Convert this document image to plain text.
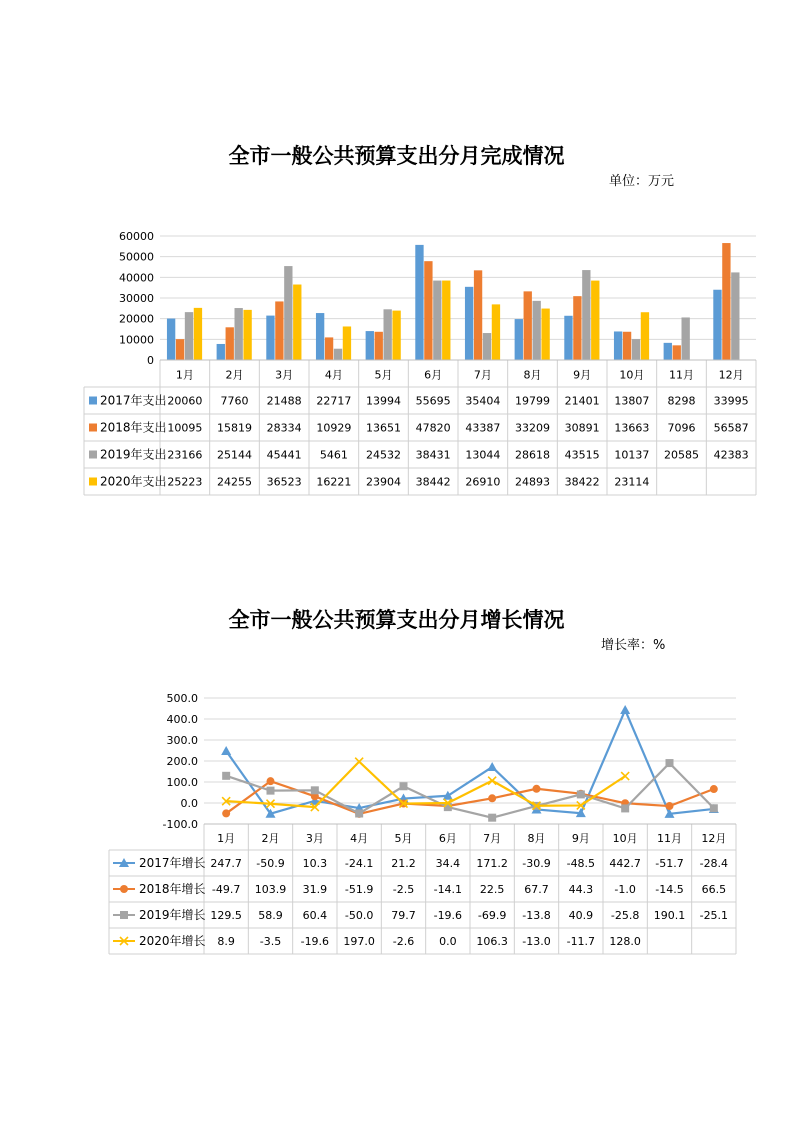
全市一般公共预算支出分月完成情况
单位：万元
全市一般公共预算支出分月增长情况
增长率：%
0
10000
20000
30000
40000
50000
60000
1月	2月	3月	4月	5月	6月	7月	8月	9月	10月 11月 12月
2017年支出 20060 7760 21488 22717 13994 55695 35404 19799 21401 13807 8298 33995
2018年支出 10095 15819 28334 10929 13651 47820 43387 33209 30891 13663 7096 56587
2019年支出 23166 25144 45441 5461 24532 38431 13044 28618 43515 10137 20585 42383
2020年支出 25223 24255 36523 16221 23904 38442 26910 24893 38422 23114
-100.0
0.0
100.0
200.0
300.0
400.0
500.0
1月 2月 3月 4月 5月 6月 7月 8月 9月 10月 11月 12月
2017年增长 247.7 -50.9 10.3 -24.1 21.2 34.4 171.2 -30.9 -48.5 442.7 -51.7 -28.4
2018年增长 -49.7 103.9 31.9 -51.9 -2.5 -14.1 22.5 67.7 44.3 -1.0 -14.5 66.5
2019年增长 129.5 58.9 60.4 -50.0 79.7 -19.6 -69.9 -13.8 40.9 -25.8 190.1 -25.1
2020年增长 8.9 -3.5 -19.6 197.0 -2.6 0.0 106.3 -13.0 -11.7 128.0
